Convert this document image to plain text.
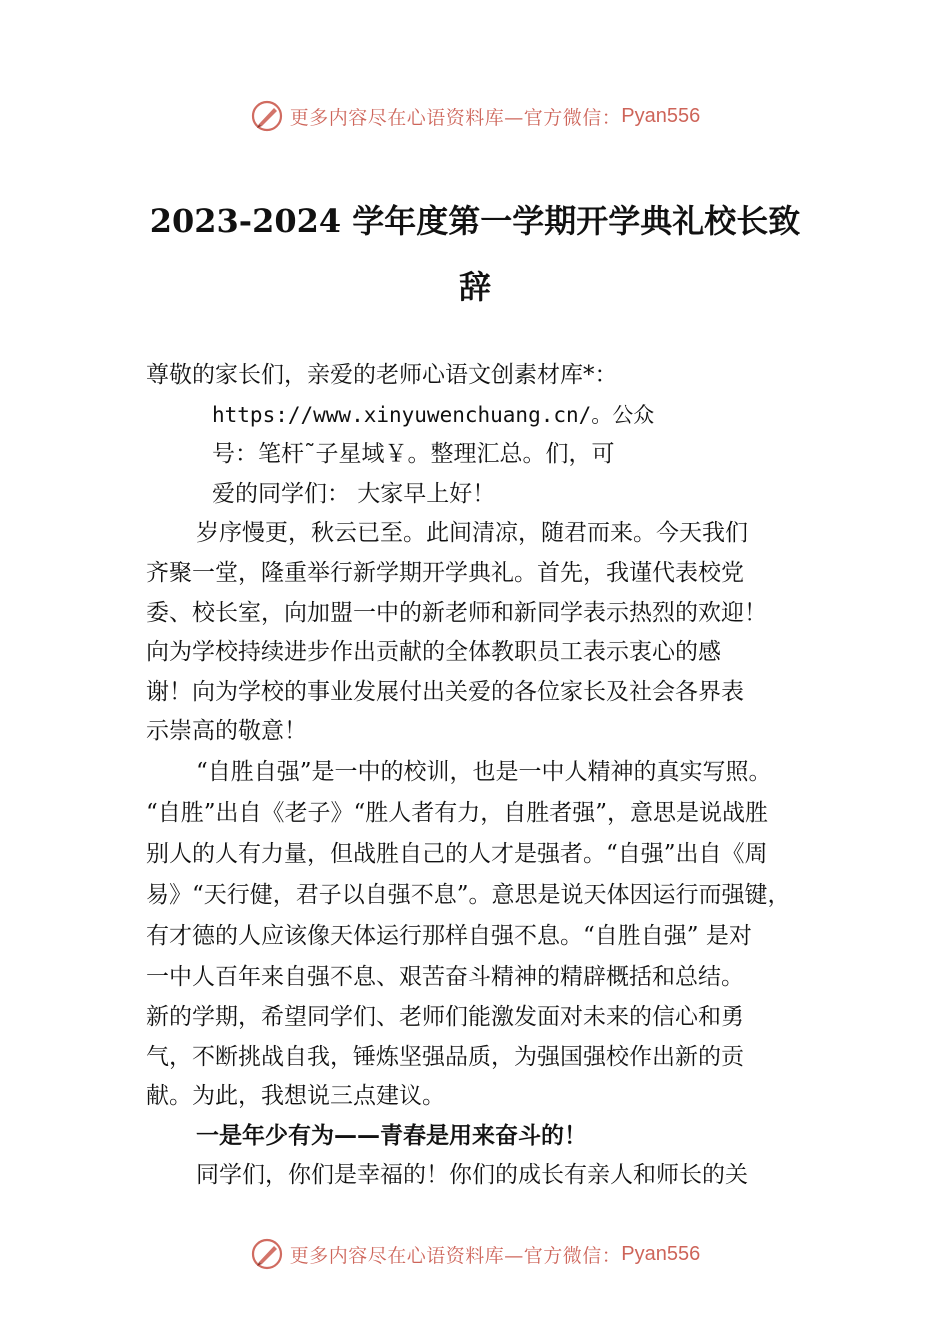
更多内容尽在心语资料库—官方微信： Pyan556
2023-2024 学年度第一学期开学典礼校长致
辞
尊敬的家长们，亲爱的老师心语文创素材库*：
https://www.xinyuwenchuang.cn/。公众
号：笔杆˜子星域￥。整理汇总。们，可
爱的同学们： 大家早上好！
岁序慢更，秋云已至。此间清凉，随君而来。今天我们
齐聚一堂，隆重举行新学期开学典礼。首先，我谨代表校党
委、校长室，向加盟一中的新老师和新同学表示热烈的欢迎！
向为学校持续进步作出贡献的全体教职员工表示衷心的感
谢！向为学校的事业发展付出关爱的各位家长及社会各界表
示崇高的敬意！
“自胜自强”是一中的校训，也是一中人精神的真实写照。
“自胜”出自《老子》“胜人者有力，自胜者强”，意思是说战胜
别人的人有力量，但战胜自己的人才是强者。“自强”出自《周
易》“天行健，君子以自强不息”。意思是说天体因运行而强键，
有才德的人应该像天体运行那样自强不息。“自胜自强” 是对
一中人百年来自强不息、艰苦奋斗精神的精辟概括和总结。
新的学期，希望同学们、老师们能激发面对未来的信心和勇
气，不断挑战自我，锤炼坚强品质，为强国强校作出新的贡
献。为此，我想说三点建议。
一是年少有为——青春是用来奋斗的！
同学们，你们是幸福的！你们的成长有亲人和师长的关
更多内容尽在心语资料库—官方微信： Pyan556
